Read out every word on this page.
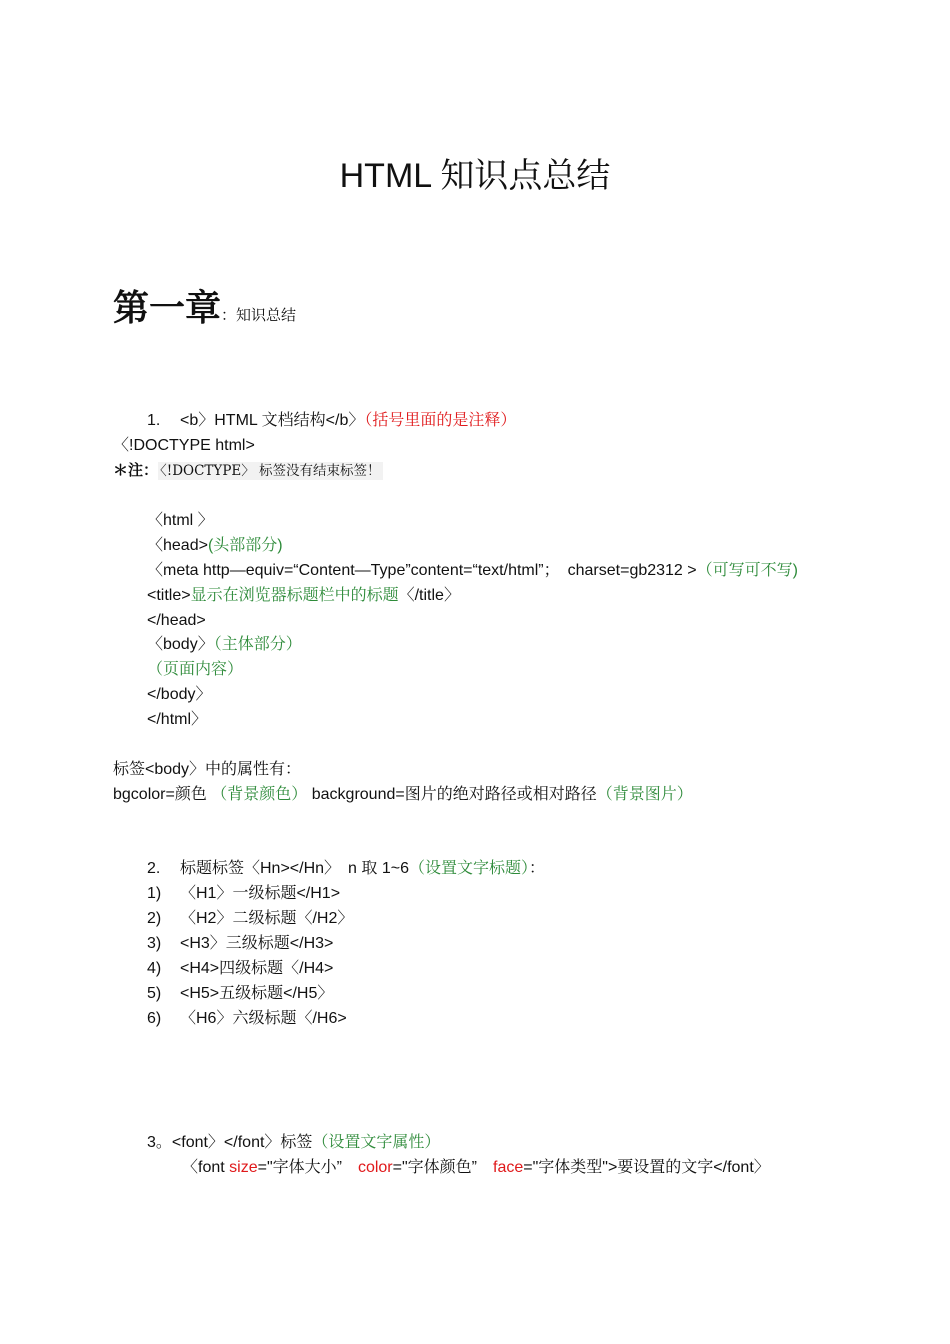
HTML 知识点总结
第一章：知识总结
1. <b〉HTML 文档结构</b〉（括号里面的是注释）
〈!DOCTYPE html>
＊注： 〈!DOCTYPE〉 标签没有结束标签！
〈html 〉
〈head>(头部部分)
〈meta http—equiv=“Content—Type”content=“text/html”；　charset=gb2312 >（可写可不写)
<title>显示在浏览器标题栏中的标题〈/title〉
</head>
〈body〉（主体部分）
（页面内容）
</body〉
</html〉
标签<body〉中的属性有：
bgcolor=颜色 （背景颜色） background=图片的绝对路径或相对路径（背景图片）
2. 标题标签〈Hn></Hn〉　n 取 1~6（设置文字标题）：
1) 〈H1〉一级标题</H1>
2) 〈H2〉二级标题〈/H2〉
3) <H3〉三级标题</H3>
4) <H4>四级标题〈/H4>
5) <H5>五级标题</H5〉
6) 〈H6〉六级标题〈/H6>
3。<font〉</font〉标签（设置文字属性）
〈font size="字体大小”　color="字体颜色”　face="字体类型">要设置的文字</font〉
